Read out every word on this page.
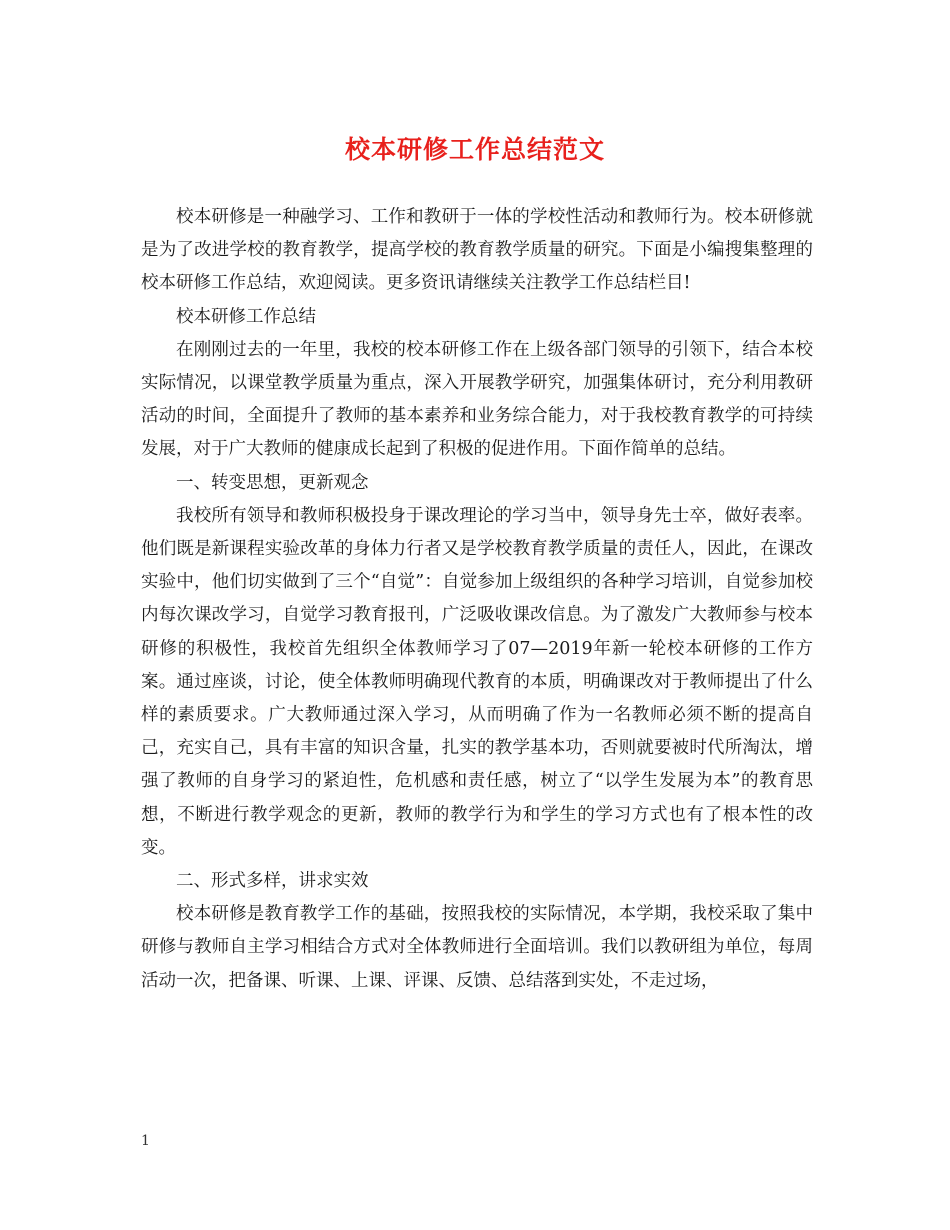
校本研修工作总结范文

校本研修是一种融学习、工作和教研于一体的学校性活动和教师行为。校本研修就是为了改进学校的教育教学，提高学校的教育教学质量的研究。下面是小编搜集整理的校本研修工作总结，欢迎阅读。更多资讯请继续关注教学工作总结栏目!

校本研修工作总结

在刚刚过去的一年里，我校的校本研修工作在上级各部门领导的引领下，结合本校实际情况，以课堂教学质量为重点，深入开展教学研究，加强集体研讨，充分利用教研活动的时间，全面提升了教师的基本素养和业务综合能力，对于我校教育教学的可持续发展，对于广大教师的健康成长起到了积极的促进作用。下面作简单的总结。

一、转变思想，更新观念

我校所有领导和教师积极投身于课改理论的学习当中，领导身先士卒，做好表率。他们既是新课程实验改革的身体力行者又是学校教育教学质量的责任人，因此，在课改实验中，他们切实做到了三个“自觉”：自觉参加上级组织的各种学习培训，自觉参加校内每次课改学习，自觉学习教育报刊，广泛吸收课改信息。为了激发广大教师参与校本研修的积极性，我校首先组织全体教师学习了07—2019年新一轮校本研修的工作方案。通过座谈，讨论，使全体教师明确现代教育的本质，明确课改对于教师提出了什么样的素质要求。广大教师通过深入学习，从而明确了作为一名教师必须不断的提高自己，充实自己，具有丰富的知识含量，扎实的教学基本功，否则就要被时代所淘汰，增强了教师的自身学习的紧迫性，危机感和责任感，树立了“以学生发展为本”的教育思想，不断进行教学观念的更新，教师的教学行为和学生的学习方式也有了根本性的改变。

二、形式多样，讲求实效

校本研修是教育教学工作的基础，按照我校的实际情况，本学期，我校采取了集中研修与教师自主学习相结合方式对全体教师进行全面培训。我们以教研组为单位，每周活动一次，把备课、听课、上课、评课、反馈、总结落到实处，不走过场，

1
